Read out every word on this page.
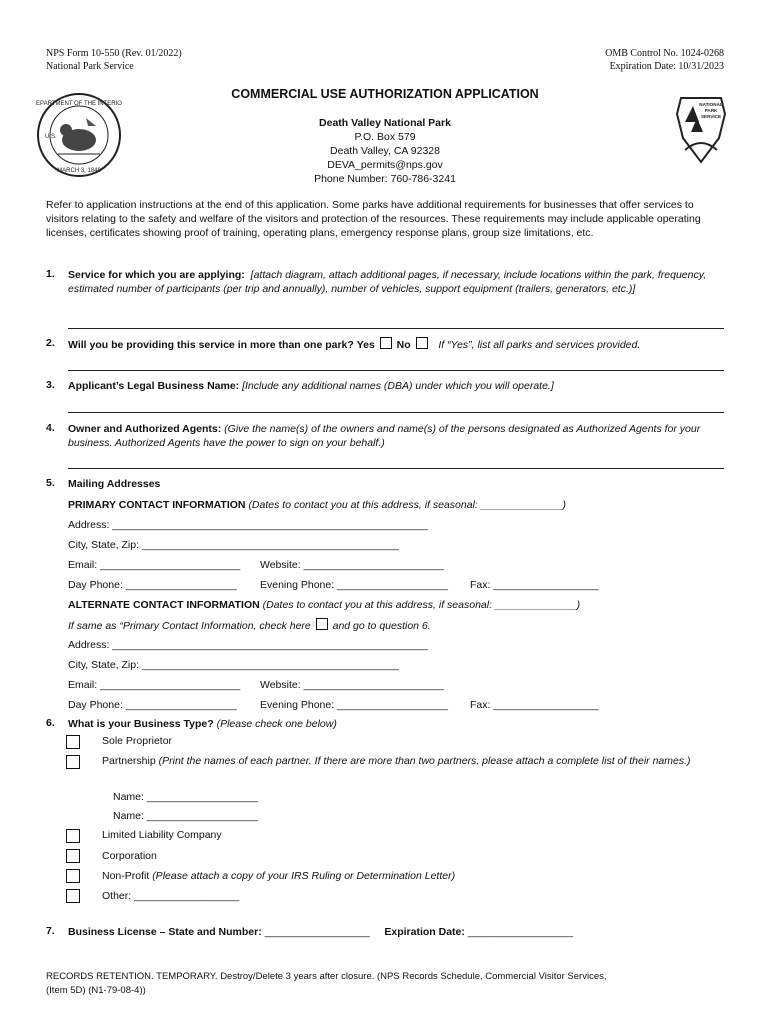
NPS Form 10-550 (Rev. 01/2022)
National Park Service
OMB Control No. 1024-0268
Expiration Date: 10/31/2023
DEPARTMENT OF THE INTERIOR
U.S.
MARCH 3, 1849
NATIONAL
PARK
SERVICE
COMMERCIAL USE AUTHORIZATION APPLICATION
Death Valley National Park
P.O. Box 579
Death Valley, CA 92328
DEVA_permits@nps.gov
Phone Number: 760-786-3241
Refer to application instructions at the end of this application. Some parks have additional requirements for businesses that offer services to visitors relating to the safety and welfare of the visitors and protection of the resources. These requirements may include applicable operating licenses, certificates showing proof of training, operating plans, emergency response plans, group size limitations, etc.
1. Service for which you are applying: [attach diagram, attach additional pages, if necessary, include locations within the park, frequency, estimated number of participants (per trip and annually), number of vehicles, support equipment (trailers, generators, etc.)]
2. Will you be providing this service in more than one park? Yes No	If “Yes”, list all parks and services provided.
3. Applicant’s Legal Business Name: [Include any additional names (DBA) under which you will operate.]
4. Owner and Authorized Agents: (Give the name(s) of the owners and name(s) of the persons designated as Authorized Agents for your business. Authorized Agents have the power to sign on your behalf.)
5. Mailing Addresses
PRIMARY CONTACT INFORMATION (Dates to contact you at this address, if seasonal: ______________)
Address: ______________________________________________________
City, State, Zip: ____________________________________________
Email: ________________________ Website: ________________________
Day Phone: ___________________ Evening Phone: ___________________ Fax: __________________
ALTERNATE CONTACT INFORMATION (Dates to contact you at this address, if seasonal: ______________)
If same as “Primary Contact Information, check here and go to question 6.
Address: ______________________________________________________
City, State, Zip: ____________________________________________
Email: ________________________ Website: ________________________
Day Phone: ___________________ Evening Phone: ___________________ Fax: __________________
6. What is your Business Type? (Please check one below)
Sole Proprietor
Partnership (Print the names of each partner. If there are more than two partners, please attach a complete list of their names.)
Name: ___________________
Name: ___________________
Limited Liability Company
Corporation
Non-Profit (Please attach a copy of your IRS Ruling or Determination Letter)
Other: __________________
7. Business License – State and Number: __________________ Expiration Date: __________________
RECORDS RETENTION. TEMPORARY. Destroy/Delete 3 years after closure. (NPS Records Schedule, Commercial Visitor Services,
(Item 5D) (N1-79-08-4))
